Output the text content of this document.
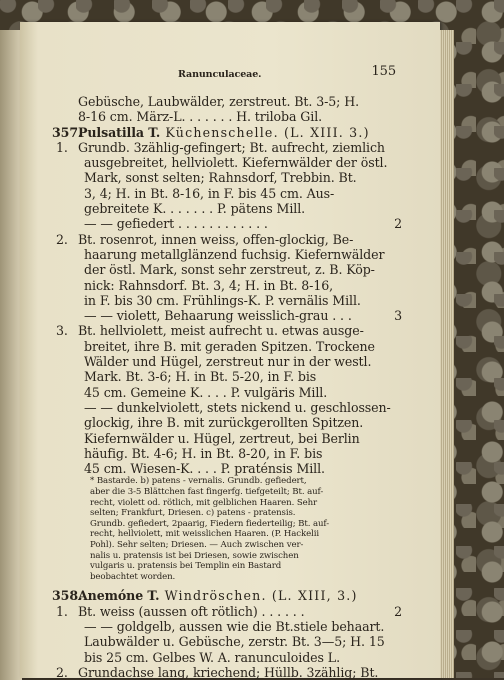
Ranunculaceae.	155

Gebüsche, Laubwälder, zerstreut. Bt. 3-5; H.

8-16 cm. März-L. . . . . . . H. triloba Gil.

357.Pulsatilla T. Küchenschelle. (L. XIII. 3.)

1. Grundb. 3zählig-gefingert; Bt. aufrecht, ziemlich

ausgebreitet, hellviolett. Kiefernwälder der östl.

Mark, sonst selten; Rahnsdorf, Trebbin. Bt.

3, 4; H. in Bt. 8-16, in F. bis 45 cm. Aus-

gebreitete K. . . . . . . P. pätens Mill.

— — gefiedert . . . . . . . . . . . .	2

2. Bt. rosenrot, innen weiss, offen-glockig, Be-

haarung metallglänzend fuchsig. Kiefernwälder

der östl. Mark, sonst sehr zerstreut, z. B. Köp-

nick: Rahnsdorf. Bt. 3, 4; H. in Bt. 8-16,

in F. bis 30 cm. Frühlings-K. P. vernälis Mill.

— — violett, Behaarung weisslich-grau . . .	3

3. Bt. hellviolett, meist aufrecht u. etwas ausge-

breitet, ihre B. mit geraden Spitzen. Trockene

Wälder und Hügel, zerstreut nur in der westl.

Mark. Bt. 3-6; H. in Bt. 5-20, in F. bis

45 cm. Gemeine K. . . . P. vulgäris Mill.

— — dunkelviolett, stets nickend u. geschlossen-

glockig, ihre B. mit zurückgerollten Spitzen.

Kiefernwälder u. Hügel, zertreut, bei Berlin

häufig. Bt. 4-6; H. in Bt. 8-20, in F. bis

45 cm. Wiesen-K. . . . P. praténsis Mill.

* Bastarde. b) patens - vernalis. Grundb. gefiedert,

aber die 3-5 Blättchen fast fingerfg. tiefgeteilt; Bt. auf-

recht, violett od. rötlich, mit gelblichen Haaren. Sehr

selten; Frankfurt, Driesen. c) patens - pratensis.

Grundb. gefiedert, 2paarig, Fiedern fiederteilig; Bt. auf-

recht, hellviolett, mit weisslichen Haaren. (P. Hackelii

Pohl). Sehr selten; Driesen. — Auch zwischen ver-

nalis u. pratensis ist bei Driesen, sowie zwischen

vulgaris u. pratensis bei Templin ein Bastard

beobachtet worden.

358.Anemóne T. Windröschen. (L. XIII, 3.)

1. Bt. weiss (aussen oft rötlich) . . . . . .	2

— — goldgelb, aussen wie die Bt.stiele behaart.

Laubwälder u. Gebüsche, zerstr. Bt. 3—5; H. 15

bis 25 cm. Gelbes W. A. ranunculoides L.

2. Grundachse lang, kriechend; Hüllb. 3zählig; Bt.
